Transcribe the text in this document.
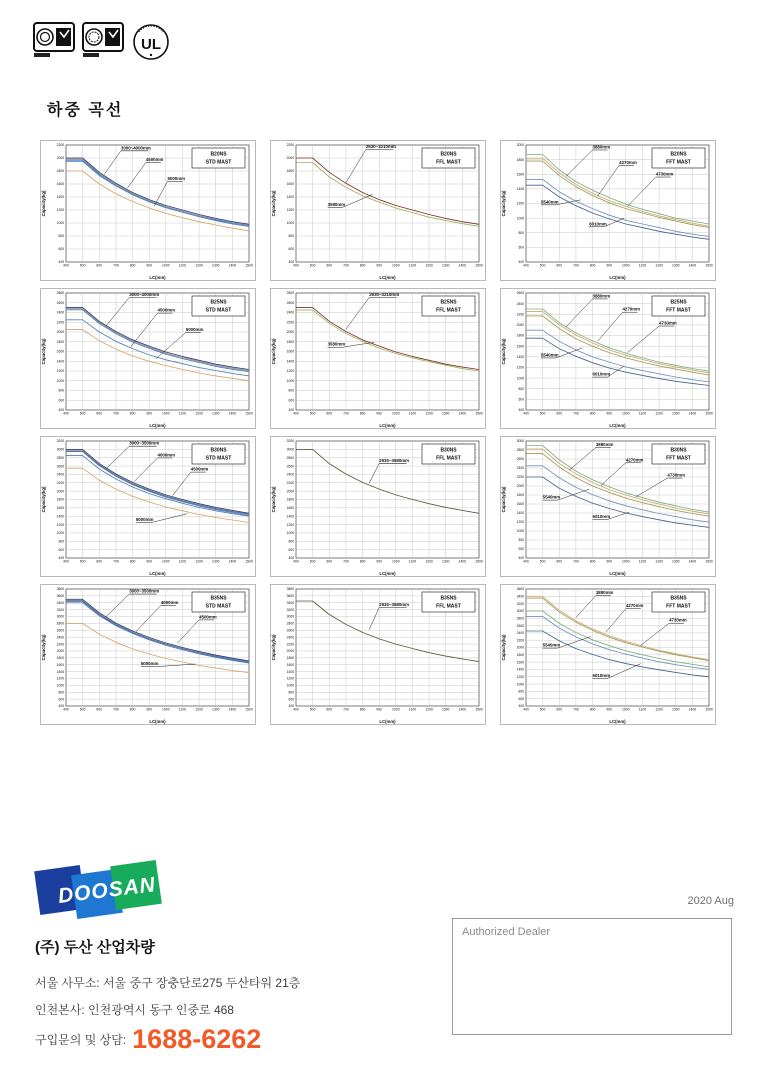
UL
하중 곡선
400	500	600	700	800	900	1000	1100	1200	1300	1400	1500
400
600
800
1000
1200
1400
1600
1800
2000
2200
LC(mm)
Capacity(kg)
3000~4000mm
4500mm
5000mm
B20NS
STD MAST
400	500	600	700	800	900	1000	1100	1200	1300	1400	1500
400
600
800
1000
1200
1400
1600
1800
2000
2200
LC(mm)
Capacity(kg)
2930~3210mm
3580mm
B20NS
FFL MAST
400	500	600	700	800	900	1000	1100	1200	1300	1400	1500
400
600
800
1000
1200
1400
1600
1800
2000
LC(mm)
Capacity(kg)
3880mm
4270mm
4730mm
5540mm
6010mm
B20NS
FFT MAST
400	500	600	700	800	900	1000	1100	1200	1300	1400	1500
400
600
800
1000
1200
1400
1600
1800
2000
2200
2400
2600
2800
LC(mm)
Capacity(kg)
3000~4000mm
4500mm
5000mm
B25NS
STD MAST
400	500	600	700	800	900	1000	1100	1200	1300	1400	1500
400
600
800
1000
1200
1400
1600
1800
2000
2200
2400
2600
2800
LC(mm)
Capacity(kg)
2930~3210mm
3580mm
B25NS
FFL MAST
400	500	600	700	800	900	1000	1100	1200	1300	1400	1500
400
600
800
1000
1200
1400
1600
1800
2000
2200
2400
2600
LC(mm)
Capacity(kg)
3880mm
4270mm
4730mm
5540mm
6010mm
B25NS
FFT MAST
400	500	600	700	800	900	1000	1100	1200	1300	1400	1500
400
600
800
1000
1200
1400
1600
1800
2000
2200
2400
2600
2800
3000
3200
LC(mm)
Capacity(kg)
3000~3500mm
4000mm
4500mm
5000mm
B30NS
STD MAST
400	500	600	700	800	900	1000	1100	1200	1300	1400	1500
400
600
800
1000
1200
1400
1600
1800
2000
2200
2400
2600
2800
3000
3200
LC(mm)
Capacity(kg)
2930~3580mm
B30NS
FFL MAST
400	500	600	700	800	900	1000	1100	1200	1300	1400	1500
400
600
800
1000
1200
1400
1600
1800
2000
2200
2400
2600
2800
3000
LC(mm)
Capacity(kg)
3880mm
4270mm
4730mm
5540mm
6010mm
B30NS
FFT MAST
400	500	600	700	800	900	1000	1100	1200	1300	1400	1500
400
600
800
1000
1200
1400
1600
1800
2000
2200
2400
2600
2800
3000
3200
3400
3600
3800
LC(mm)
Capacity(kg)
3000~3500mm
4000mm
4500mm
5000mm
B35NS
STD MAST
400	500	600	700	800	900	1000	1100	1200	1300	1400	1500
400
600
800
1000
1200
1400
1600
1800
2000
2200
2400
2600
2800
3000
3200
3400
3600
3800
LC(mm)
Capacity(kg)
2930~3580mm
B35NS
FFL MAST
400	500	600	700	800	900	1000	1100	1200	1300	1400	1500
400
600
800
1000
1200
1400
1600
1800
2000
2200
2400
2600
2800
3000
3200
3400
3600
LC(mm)
Capacity(kg)
3880mm
4270mm
4730mm
5540mm
6010mm
B35NS
FFT MAST
DOOSAN

(주) 두산 산업차량

서울 사무소: 서울 중구 장충단로275 두산타워 21층
인천본사: 인천광역시 동구 인중로 468
구입문의 및 상담: 1688-6262
2020 Aug
Authorized Dealer
